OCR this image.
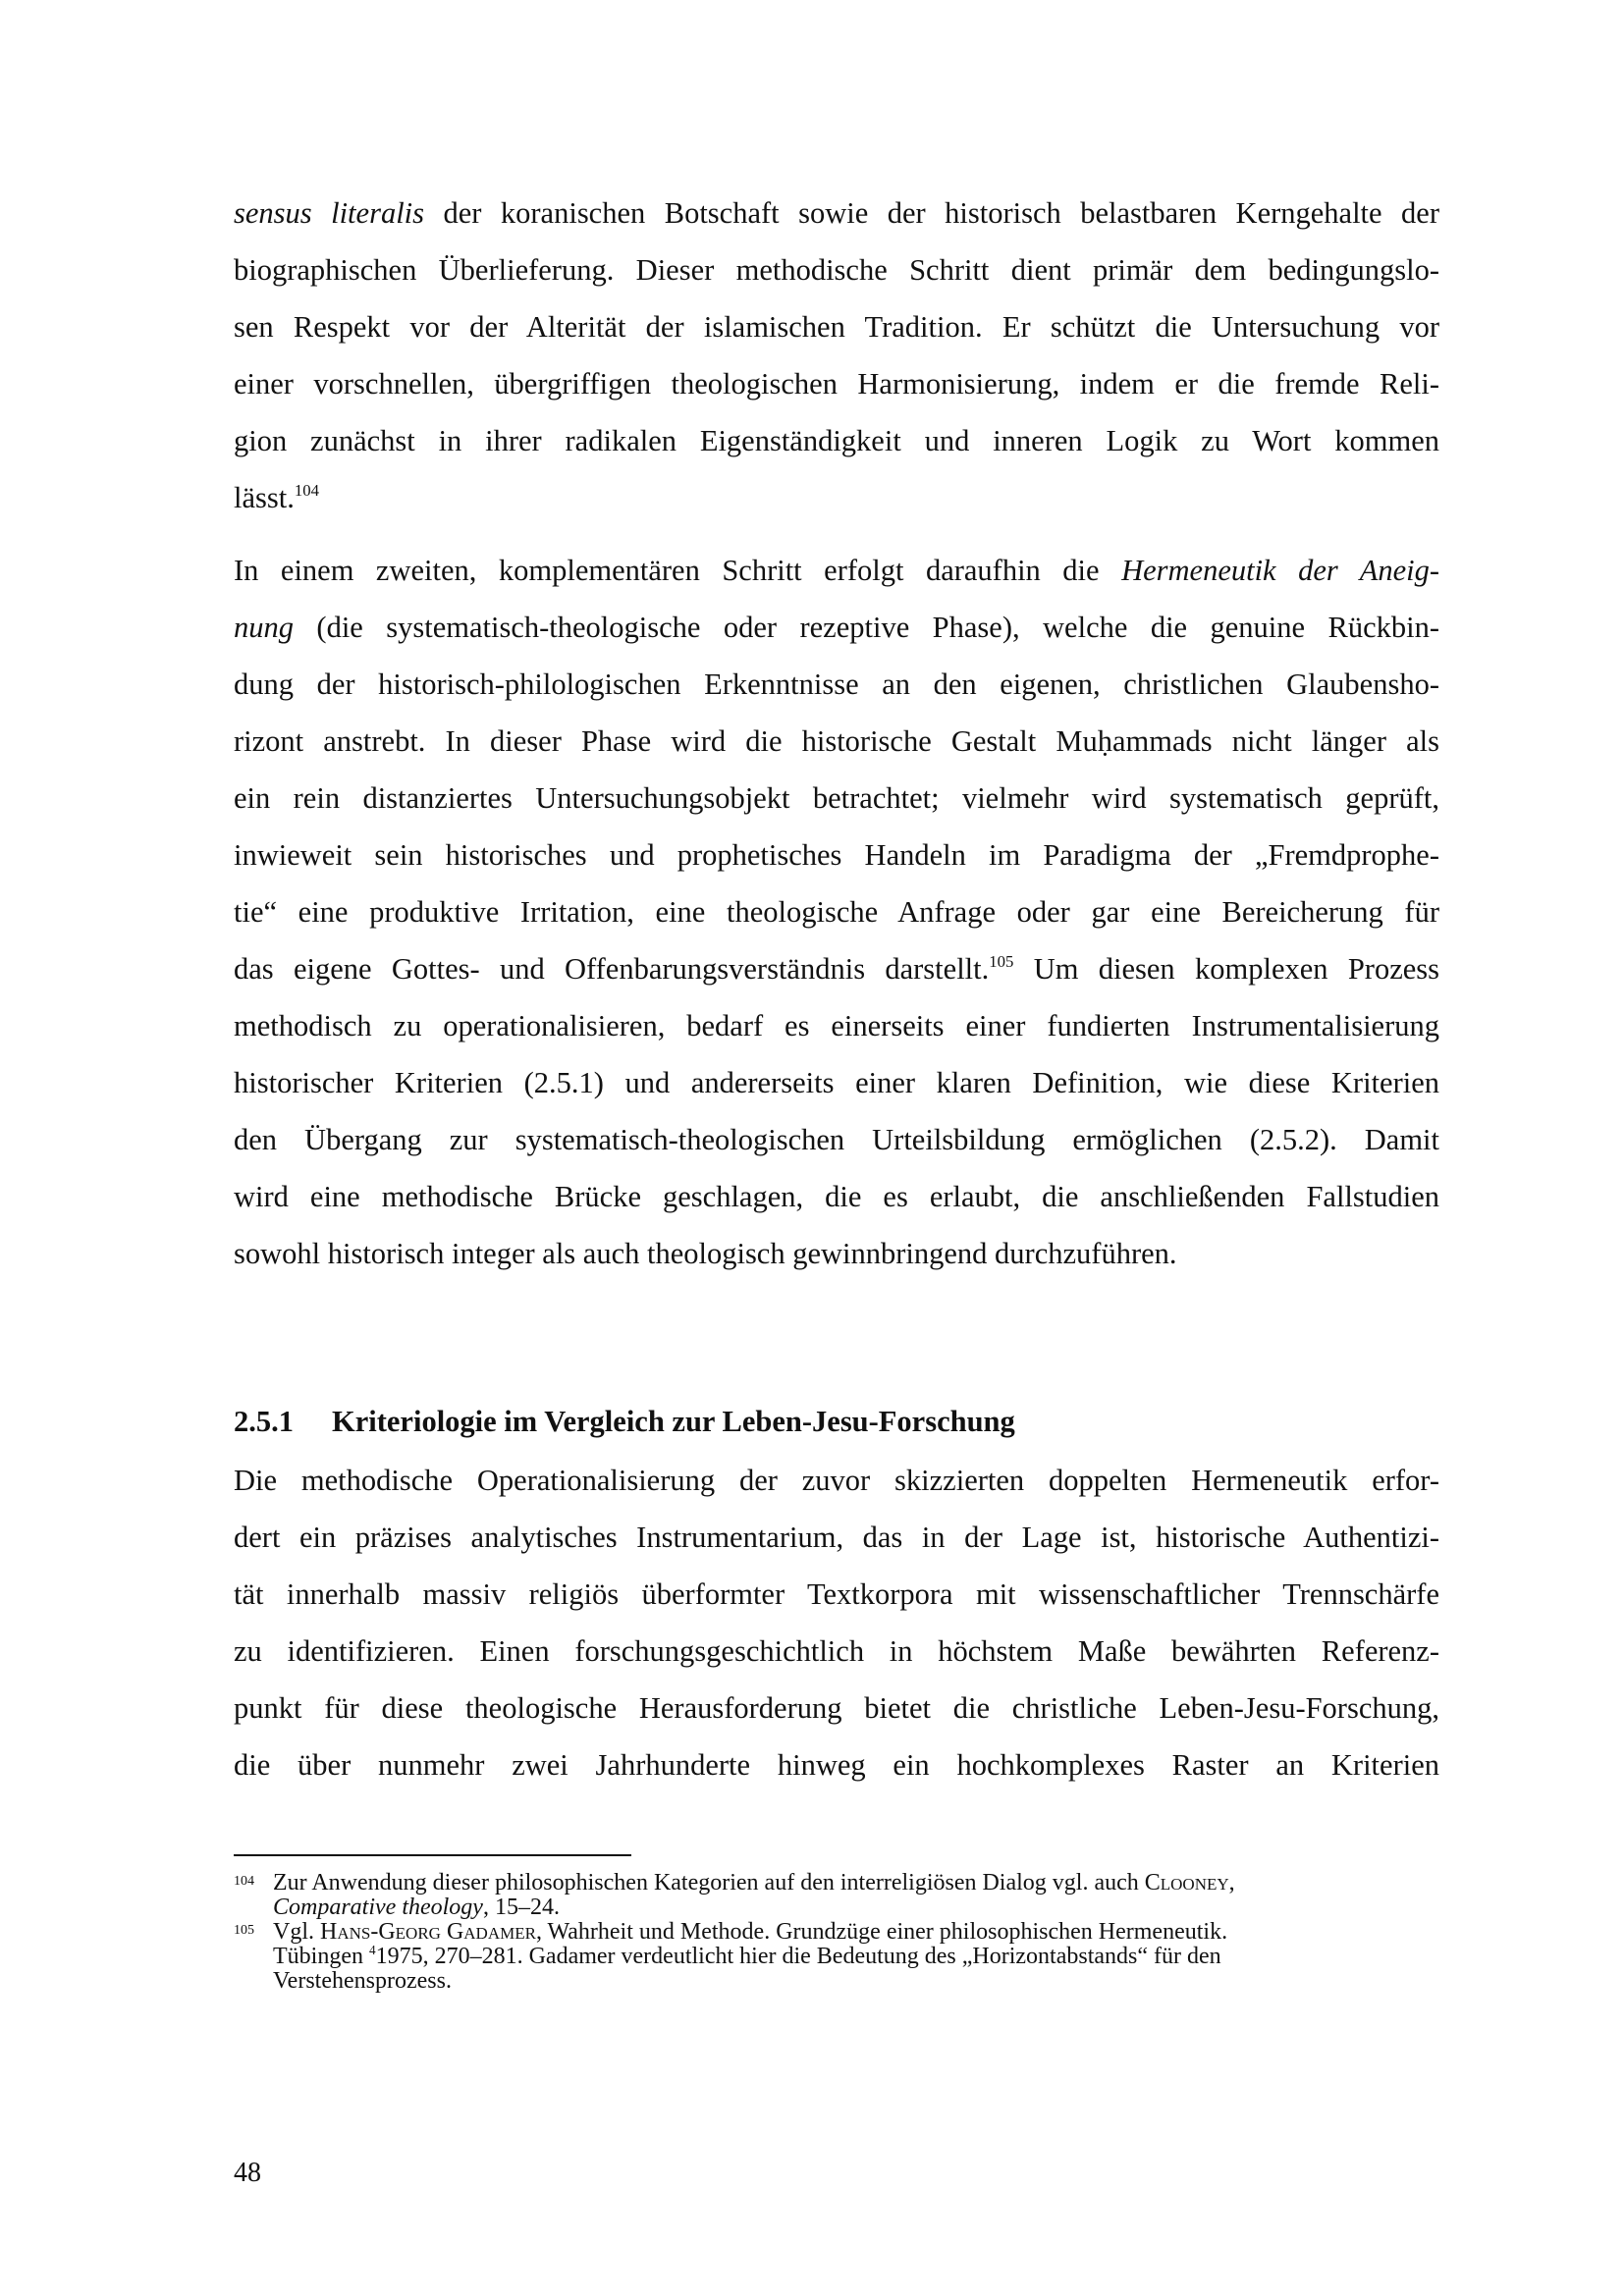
sensus literalis der koranischen Botschaft sowie der historisch belastbaren Kerngehalte der
biographischen Überlieferung. Dieser methodische Schritt dient primär dem bedingungslo-
sen Respekt vor der Alterität der islamischen Tradition. Er schützt die Untersuchung vor
einer vorschnellen, übergriffigen theologischen Harmonisierung, indem er die fremde Reli-
gion zunächst in ihrer radikalen Eigenständigkeit und inneren Logik zu Wort kommen
lässt.$^{104}$
In einem zweiten, komplementären Schritt erfolgt daraufhin die Hermeneutik der Aneig-
nung (die systematisch-theologische oder rezeptive Phase), welche die genuine Rückbin-
dung der historisch-philologischen Erkenntnisse an den eigenen, christlichen Glaubensho-
rizont anstrebt. In dieser Phase wird die historische Gestalt Muḥammads nicht länger als
ein rein distanziertes Untersuchungsobjekt betrachtet; vielmehr wird systematisch geprüft,
inwieweit sein historisches und prophetisches Handeln im Paradigma der „Fremdprophe-
tie“ eine produktive Irritation, eine theologische Anfrage oder gar eine Bereicherung für
das eigene Gottes- und Offenbarungsverständnis darstellt.$^{105}$ Um diesen komplexen Prozess
methodisch zu operationalisieren, bedarf es einerseits einer fundierten Instrumentalisierung
historischer Kriterien (2.5.1) und andererseits einer klaren Definition, wie diese Kriterien
den Übergang zur systematisch-theologischen Urteilsbildung ermöglichen (2.5.2). Damit
wird eine methodische Brücke geschlagen, die es erlaubt, die anschließenden Fallstudien
sowohl historisch integer als auch theologisch gewinnbringend durchzuführen.
2.5.1 Kriteriologie im Vergleich zur Leben-Jesu-Forschung
Die methodische Operationalisierung der zuvor skizzierten doppelten Hermeneutik erfor-
dert ein präzises analytisches Instrumentarium, das in der Lage ist, historische Authentizi-
tät innerhalb massiv religiös überformter Textkorpora mit wissenschaftlicher Trennschärfe
zu identifizieren. Einen forschungsgeschichtlich in höchstem Maße bewährten Referenz-
punkt für diese theologische Herausforderung bietet die christliche Leben-Jesu-Forschung,
die über nunmehr zwei Jahrhunderte hinweg ein hochkomplexes Raster an Kriterien
104 Zur Anwendung dieser philosophischen Kategorien auf den interreligiösen Dialog vgl. auch Clooney,
Comparative theology, 15–24.
105 Vgl. Hans-Georg Gadamer, Wahrheit und Methode. Grundzüge einer philosophischen Hermeneutik.
Tübingen $^4$1975, 270–281. Gadamer verdeutlicht hier die Bedeutung des „Horizontabstands“ für den
Verstehensprozess.
48
